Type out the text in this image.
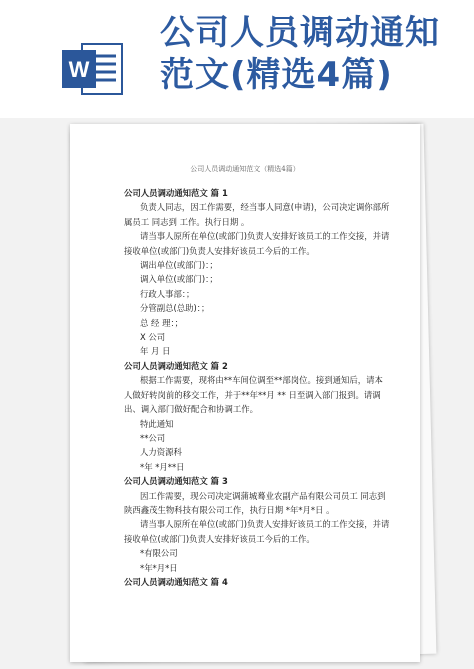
W
公司人员调动通知
范文(精选4篇)
公司人员调动通知范文（精选4篇）
公司人员调动通知范文 篇 1
负责人同志，因工作需要，经当事人同意(申请)，公司决定调你部所属员工 同志到 工作。执行日期 。
请当事人原所在单位(或部门)负责人安排好该员工的工作交接，并请接收单位(或部门)负责人安排好该员工今后的工作。
调出单位(或部门)：；
调入单位(或部门)：；
行政人事部：；
分管副总(总助)：；
总 经 理：；
X 公司
年 月 日
公司人员调动通知范文 篇 2
根据工作需要，现将由**车间位调至**部岗位。接到通知后，请本人做好转岗前的移交工作，并于**年**月 ** 日至调入部门报到。请调出、调入部门做好配合和协调工作。
特此通知
**公司
人力资源科
*年 *月**日
公司人员调动通知范文 篇 3
因工作需要，现公司决定调蒲城蓦业农副产品有限公司员工 同志到陕西鑫茂生物科技有限公司工作，执行日期 *年*月*日 。
请当事人原所在单位(或部门)负责人安排好该员工的工作交接，并请接收单位(或部门)负责人安排好该员工今后的工作。
*有限公司
*年*月*日
公司人员调动通知范文 篇 4
